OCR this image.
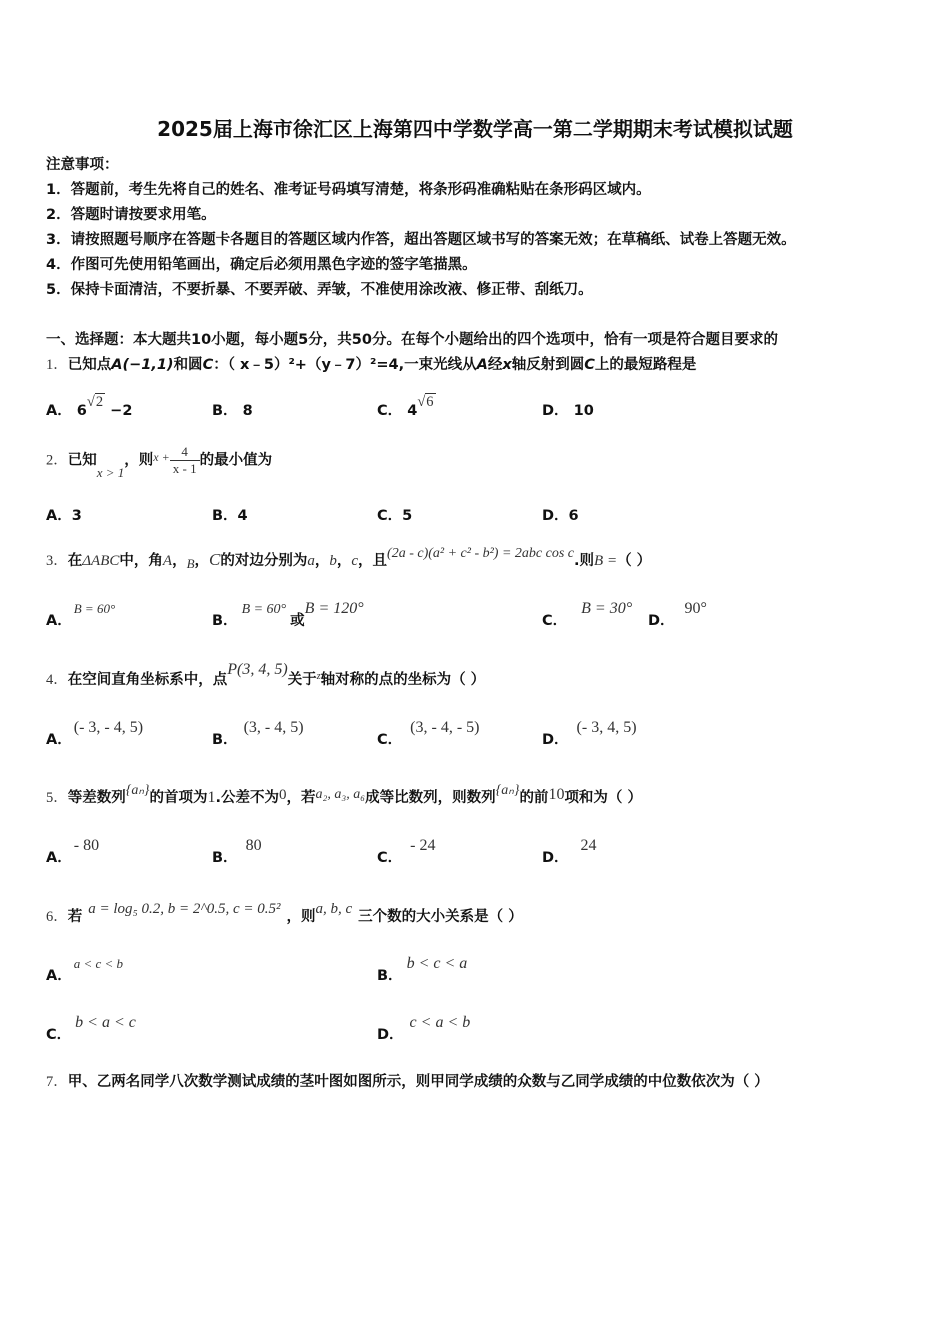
2025届上海市徐汇区上海第四中学数学高一第二学期期末考试模拟试题
注意事项：
1．答题前，考生先将自己的姓名、准考证号码填写清楚，将条形码准确粘贴在条形码区域内。
2．答题时请按要求用笔。
3．请按照题号顺序在答题卡各题目的答题区域内作答，超出答题区域书写的答案无效；在草稿纸、试卷上答题无效。
4．作图可先使用铅笔画出，确定后必须用黑色字迹的签字笔描黑。
5．保持卡面清洁，不要折暴、不要弄破、弄皱，不准使用涂改液、修正带、刮纸刀。
一、选择题：本大题共10小题，每小题5分，共50分。在每个小题给出的四个选项中，恰有一项是符合题目要求的
1．已知点A(−1,1)和圆C：（ x﹣5）²+（y﹣7）²=4,一束光线从A经x轴反射到圆C上的最短路程是
A． 6√2 −2	B． 8	C． 4√6
D． 10
2．已知x > 1，则$^{x +} \frac{4}{x - 1}$ 的最小值为
A．3	B．4	C．5	D．6
3．在ΔABC中，角A，B，C的对边分别为a，b，c，且(2a - c)(a² + c² - b²) = 2abc cos c.则B =（ ）
A．B = 60°
B．B = 60°或B = 120°
C．B = 30°
D．90°
4．在空间直角坐标系中，点P(3, 4, 5)关于$^z$轴对称的点的坐标为（ ）
A．(- 3, - 4, 5)
B．(3, - 4, 5)
C．(3, - 4, - 5)
D．(- 3, 4, 5)
5．等差数列{aₙ}的首项为1.公差不为0，若a₂, a₃, a₆成等比数列，则数列{aₙ}的前10项和为（ ）
A．- 80
B．80
C．- 24
D．24
6．若 a = log₅ 0.2, b = 2^0.5, c = 0.5² ，则a, b, c 三个数的大小关系是（ ）
A．a < c < b
B．b < c < a
C．b < a < c
D．c < a < b
7．甲、乙两名同学八次数学测试成绩的茎叶图如图所示，则甲同学成绩的众数与乙同学成绩的中位数依次为（ ）
